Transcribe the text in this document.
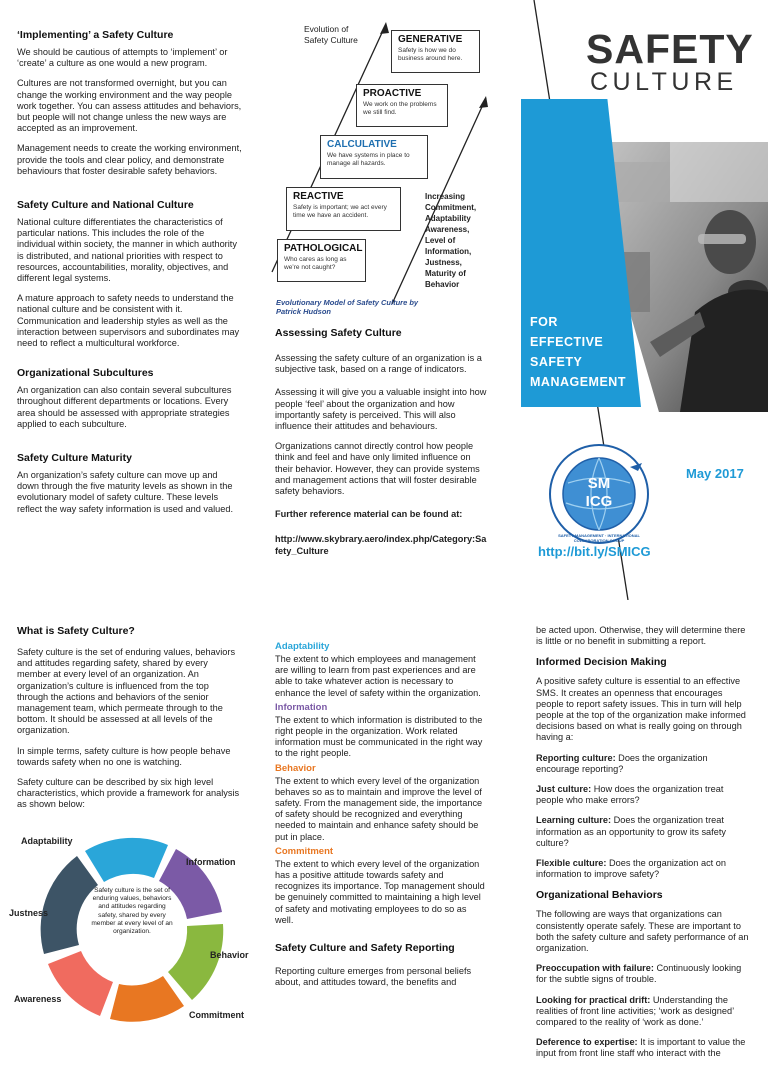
‘Implementing’ a Safety Culture

We should be cautious of attempts to ‘implement’ or ‘create’ a culture as one would a new program.

Cultures are not transformed overnight, but you can change the working environment and the way people work together. You can assess attitudes and behaviors, but people will not change unless the new ways are accepted as an improvement.

Management needs to create the working environment, provide the tools and clear policy, and demonstrate behaviours that foster desirable safety behaviors.

Safety Culture and National Culture

National culture differentiates the characteristics of particular nations. This includes the role of the individual within society, the manner in which authority is distributed, and national priorities with respect to resources, accountabilities, morality, objectives, and different legal systems.

A mature approach to safety needs to understand the national culture and be consistent with it. Communication and leadership styles as well as the interaction between supervisors and subordinates may need to reflect a multicultural workforce.

Organizational Subcultures

An organization can also contain several subcultures throughout different departments or locations. Every area should be assessed with appropriate strategies applied to each subculture.

Safety Culture Maturity

An organization’s safety culture can move up and down through the five maturity levels as shown in the evolutionary model of safety culture. These levels reflect the way safety information is used and valued.

Evolution of Safety Culture	GENERATIVE
Safety is how we do business around here.
PROACTIVE
We work on the problems we still find.
CALCULATIVE
We have systems in place to manage all hazards.
REACTIVE
Safety is important; we act every time we have an accident.
PATHOLOGICAL
Who cares as long as we’re not caught?
Increasing Commitment, Adaptability Awareness, Level of Information, Justness, Maturity of Behavior
Evolutionary Model of Safety Culture by Patrick Hudson
Assessing Safety Culture

Assessing the safety culture of an organization is a subjective task, based on a range of indicators.

Assessing it will give you a valuable insight into how people ‘feel’ about the organization and how importantly safety is perceived. This will also influence their attitudes and behaviours.

Organizations cannot directly control how people think and feel and have only limited influence on their behavior. However, they can provide systems and management actions that will foster desirable safety behaviors.

Further reference material can be found at:

http://www.skybrary.aero/index.php/Category:Safety_Culture

SAFETY
CULTURE
FOR
EFFECTIVE
SAFETY
MANAGEMENT
SM ICG
SAFETY MANAGEMENT · INTERNATIONAL COLLABORATION GROUP
May 2017
http://bit.ly/SMICG
What is Safety Culture?

Safety culture is the set of enduring values, behaviors and attitudes regarding safety, shared by every member at every level of an organization. An organization’s culture is influenced from the top through the actions and behaviors of the senior management team, which permeate through to the bottom. It should be assessed at all levels of the organization.

In simple terms, safety culture is how people behave towards safety when no one is watching.

Safety culture can be described by six high level characteristics, which provide a framework for analysis as shown below:

Safety culture is the set of enduring values, behaviors and attitudes regarding safety, shared by every member at every level of an organization.
Adaptability
Information
Behavior
Commitment
Awareness
Justness
Adaptability

The extent to which employees and management are willing to learn from past experiences and are able to take whatever action is necessary to enhance the level of safety within the organization.

Information

The extent to which information is distributed to the right people in the organization. Work related information must be communicated in the right way to the right people.

Behavior

The extent to which every level of the organization behaves so as to maintain and improve the level of safety. From the management side, the importance of safety should be recognized and everything needed to maintain and enhance safety should be put in place.

Commitment

The extent to which every level of the organization has a positive attitude towards safety and recognizes its importance. Top management should be genuinely committed to maintaining a high level of safety and motivating employees to do so as well.

Safety Culture and Safety Reporting

Reporting culture emerges from personal beliefs about, and attitudes toward, the benefits and

be acted upon. Otherwise, they will determine there is little or no benefit in submitting a report.

Informed Decision Making

A positive safety culture is essential to an effective SMS. It creates an openness that encourages people to report safety issues. This in turn will help people at the top of the organization make informed decisions based on what is really going on through having a:

Reporting culture: Does the organization encourage reporting?

Just culture: How does the organization treat people who make errors?

Learning culture: Does the organization treat information as an opportunity to grow its safety culture?

Flexible culture: Does the organization act on information to improve safety?

Organizational Behaviors

The following are ways that organizations can consistently operate safely. These are important to both the safety culture and safety performance of an organization.

Preoccupation with failure: Continuously looking for the subtle signs of trouble.

Looking for practical drift: Understanding the realities of front line activities; ‘work as designed’ compared to the reality of ‘work as done.’

Deference to expertise: It is important to value the input from front line staff who interact with the
